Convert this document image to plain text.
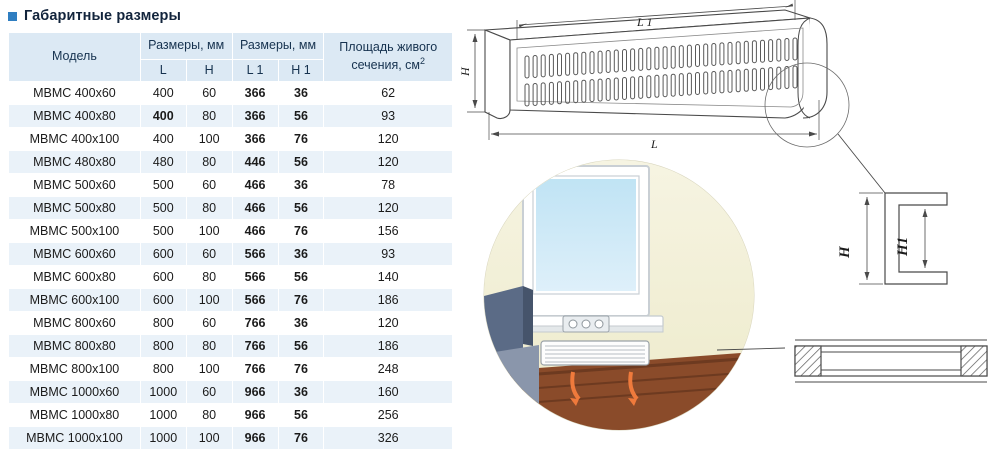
Габаритные размеры
Модель	Размеры, мм		Размеры, мм		Площадь живого сечения, $см^2$
	L	H	L 1	H 1	
МВМС 400x60	400	60	366	36	62
МВМС 400x80	400	80	366	56	93
МВМС 400x100	400	100	366	76	120
МВМС 480x80	480	80	446	56	120
МВМС 500x60	500	60	466	36	78
МВМС 500x80	500	80	466	56	120
МВМС 500x100	500	100	466	76	156
МВМС 600x60	600	60	566	36	93
МВМС 600x80	600	80	566	56	140
МВМС 600x100	600	100	566	76	186
МВМС 800x60	800	60	766	36	120
МВМС 800x80	800	80	766	56	186
МВМС 800x100	800	100	766	76	248
МВМС 1000x60	1000	60	966	36	160
МВМС 1000x80	1000	80	966	56	256
МВМС 1000x100	1000	100	966	76	326
L 1
L
H
H	H1
